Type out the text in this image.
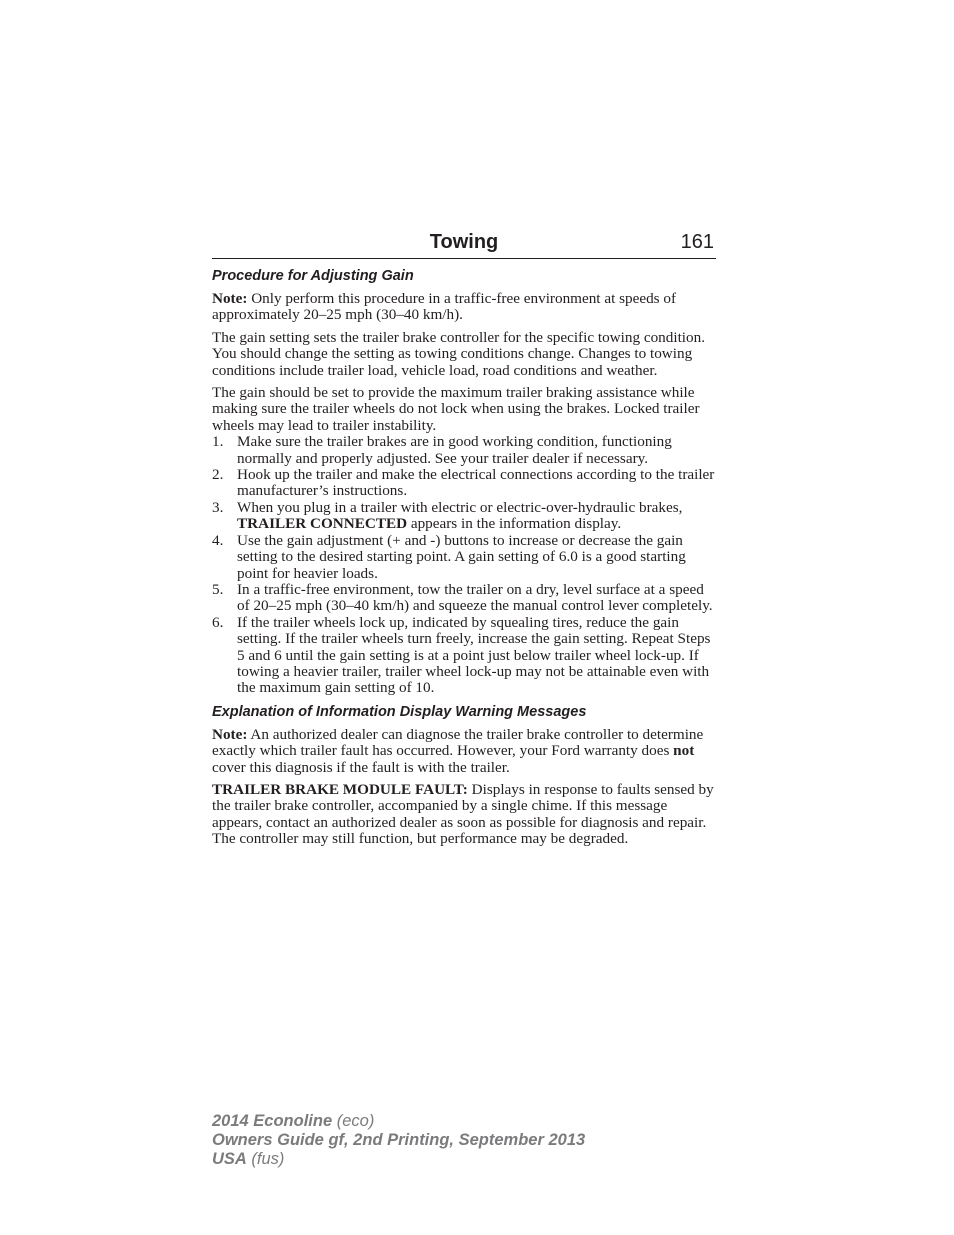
Towing	161
Procedure for Adjusting Gain

Note: Only perform this procedure in a traffic-free environment at speeds of approximately 20–25 mph (30–40 km/h).

The gain setting sets the trailer brake controller for the specific towing condition. You should change the setting as towing conditions change. Changes to towing conditions include trailer load, vehicle load, road conditions and weather.

The gain should be set to provide the maximum trailer braking assistance while making sure the trailer wheels do not lock when using the brakes. Locked trailer wheels may lead to trailer instability.

1. Make sure the trailer brakes are in good working condition, functioning normally and properly adjusted. See your trailer dealer if necessary.
2. Hook up the trailer and make the electrical connections according to the trailer manufacturer’s instructions.
3. When you plug in a trailer with electric or electric-over-hydraulic brakes, TRAILER CONNECTED appears in the information display.
4. Use the gain adjustment (+ and -) buttons to increase or decrease the gain setting to the desired starting point. A gain setting of 6.0 is a good starting point for heavier loads.
5. In a traffic-free environment, tow the trailer on a dry, level surface at a speed of 20–25 mph (30–40 km/h) and squeeze the manual control lever completely.
6. If the trailer wheels lock up, indicated by squealing tires, reduce the gain setting. If the trailer wheels turn freely, increase the gain setting. Repeat Steps 5 and 6 until the gain setting is at a point just below trailer wheel lock-up. If towing a heavier trailer, trailer wheel lock-up may not be attainable even with the maximum gain setting of 10.
Explanation of Information Display Warning Messages

Note: An authorized dealer can diagnose the trailer brake controller to determine exactly which trailer fault has occurred. However, your Ford warranty does not cover this diagnosis if the fault is with the trailer.

TRAILER BRAKE MODULE FAULT: Displays in response to faults sensed by the trailer brake controller, accompanied by a single chime. If this message appears, contact an authorized dealer as soon as possible for diagnosis and repair. The controller may still function, but performance may be degraded.

2014 Econoline (eco)
Owners Guide gf, 2nd Printing, September 2013
USA (fus)
